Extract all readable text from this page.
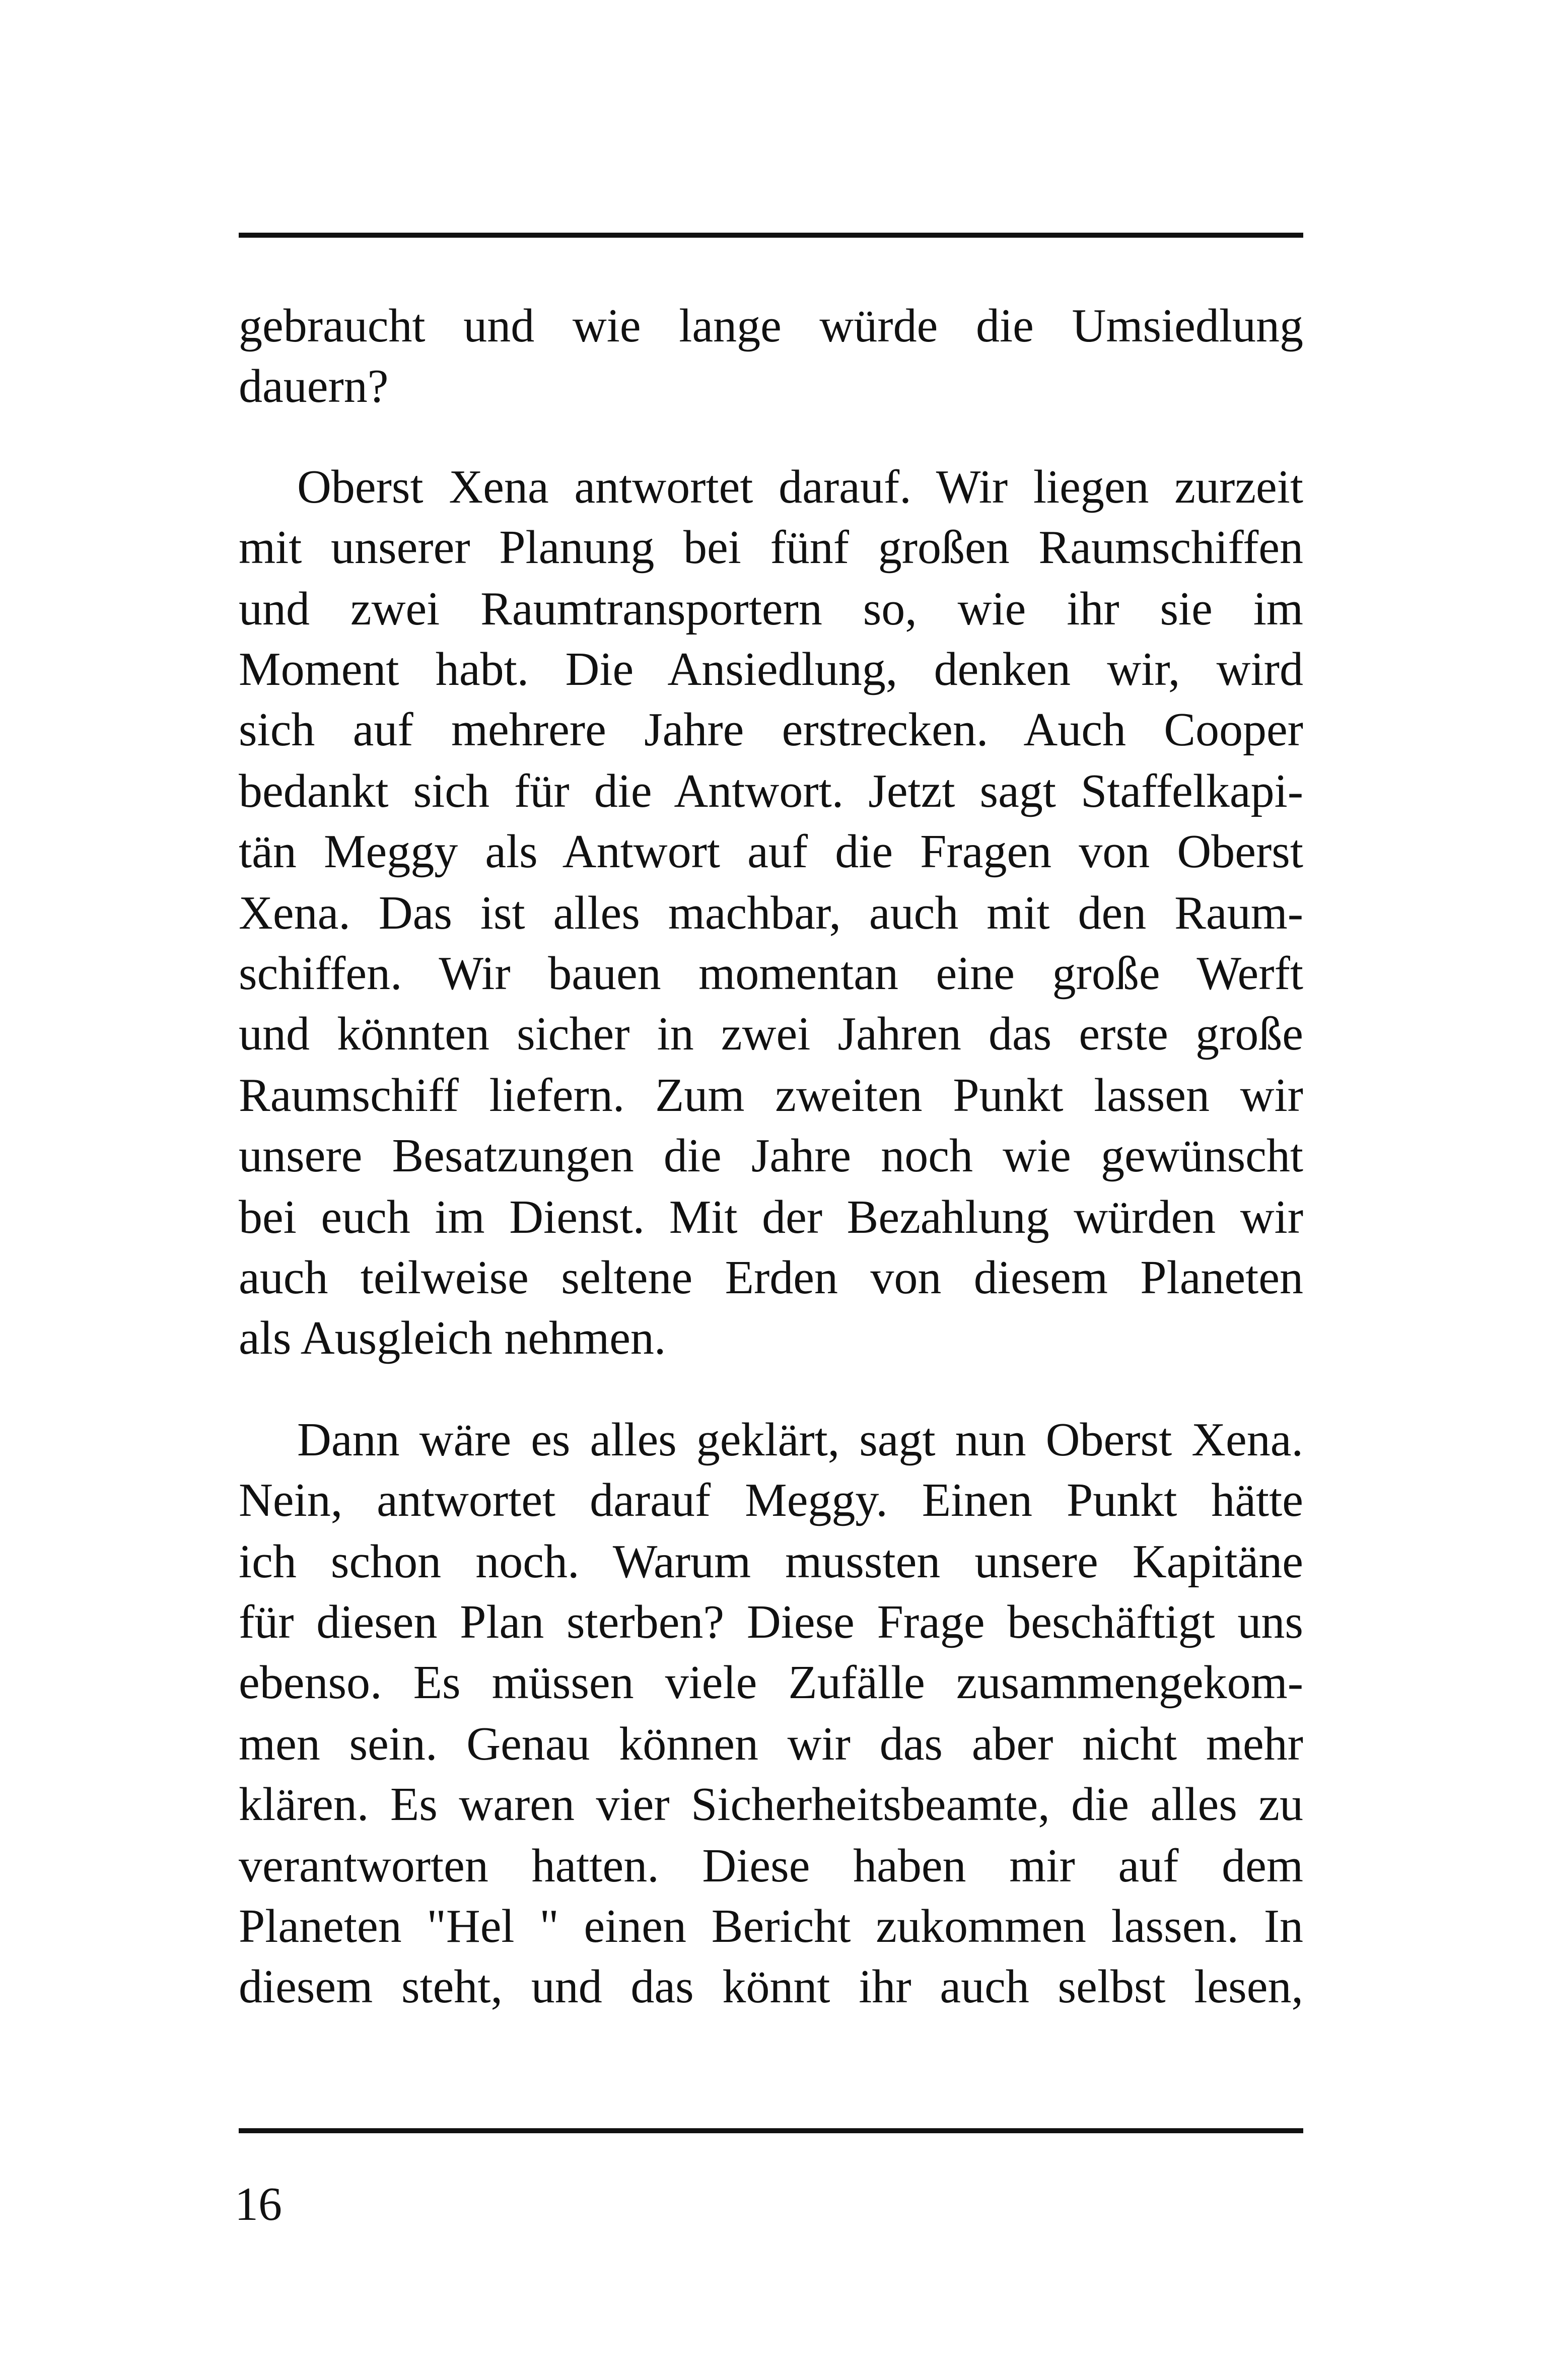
gebraucht und wie lange würde die Umsiedlung

dauern?

Oberst Xena antwortet darauf. Wir liegen zurzeit

mit unserer Planung bei fünf großen Raumschiffen

und zwei Raumtransportern so, wie ihr sie im

Moment habt. Die Ansiedlung, denken wir, wird

sich auf mehrere Jahre erstrecken. Auch Cooper

bedankt sich für die Antwort. Jetzt sagt Staffelkapi-

tän Meggy als Antwort auf die Fragen von Oberst

Xena. Das ist alles machbar, auch mit den Raum-

schiffen. Wir bauen momentan eine große Werft

und könnten sicher in zwei Jahren das erste große

Raumschiff liefern. Zum zweiten Punkt lassen wir

unsere Besatzungen die Jahre noch wie gewünscht

bei euch im Dienst. Mit der Bezahlung würden wir

auch teilweise seltene Erden von diesem Planeten

als Ausgleich nehmen.

Dann wäre es alles geklärt, sagt nun Oberst Xena.

Nein, antwortet darauf Meggy. Einen Punkt hätte

ich schon noch. Warum mussten unsere Kapitäne

für diesen Plan sterben? Diese Frage beschäftigt uns

ebenso. Es müssen viele Zufälle zusammengekom-

men sein. Genau können wir das aber nicht mehr

klären. Es waren vier Sicherheitsbeamte, die alles zu

verantworten hatten. Diese haben mir auf dem

Planeten "Hel " einen Bericht zukommen lassen. In

diesem steht, und das könnt ihr auch selbst lesen,

16
